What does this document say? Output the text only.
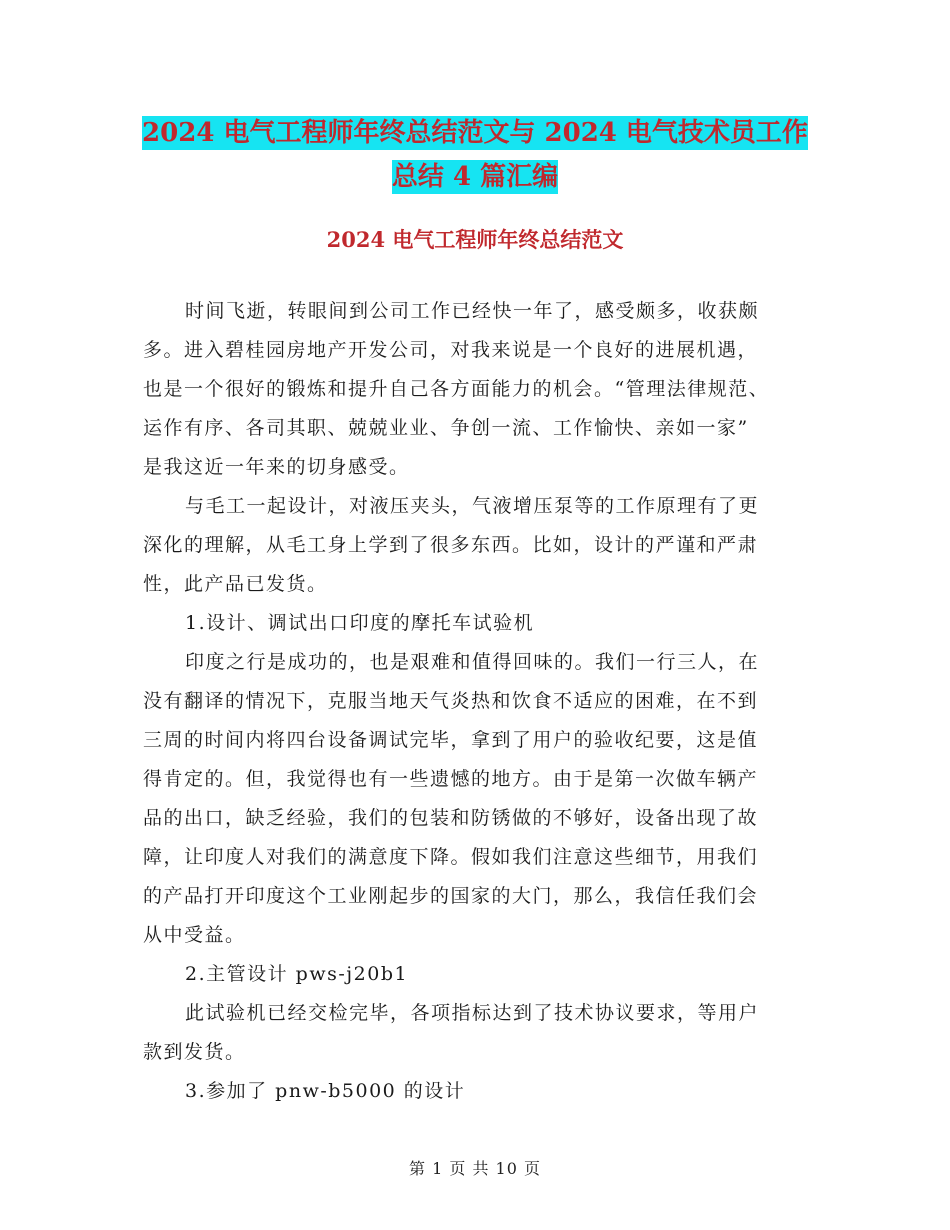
2024 电气工程师年终总结范文与 2024 电气技术员工作
总结 4 篇汇编
2024 电气工程师年终总结范文
时间飞逝，转眼间到公司工作已经快一年了，感受颇多，收获颇
多。进入碧桂园房地产开发公司，对我来说是一个良好的进展机遇，
也是一个很好的锻炼和提升自己各方面能力的机会。“管理法律规范、
运作有序、各司其职、兢兢业业、争创一流、工作愉快、亲如一家”
是我这近一年来的切身感受。
与毛工一起设计，对液压夹头，气液增压泵等的工作原理有了更
深化的理解，从毛工身上学到了很多东西。比如，设计的严谨和严肃
性，此产品已发货。
1.设计、调试出口印度的摩托车试验机
印度之行是成功的，也是艰难和值得回味的。我们一行三人，在
没有翻译的情况下，克服当地天气炎热和饮食不适应的困难，在不到
三周的时间内将四台设备调试完毕，拿到了用户的验收纪要，这是值
得肯定的。但，我觉得也有一些遗憾的地方。由于是第一次做车辆产
品的出口，缺乏经验，我们的包装和防锈做的不够好，设备出现了故
障，让印度人对我们的满意度下降。假如我们注意这些细节，用我们
的产品打开印度这个工业刚起步的国家的大门，那么，我信任我们会
从中受益。
2.主管设计 pws-j20b1
此试验机已经交检完毕，各项指标达到了技术协议要求，等用户
款到发货。
3.参加了 pnw-b5000 的设计
第 1 页 共 10 页
